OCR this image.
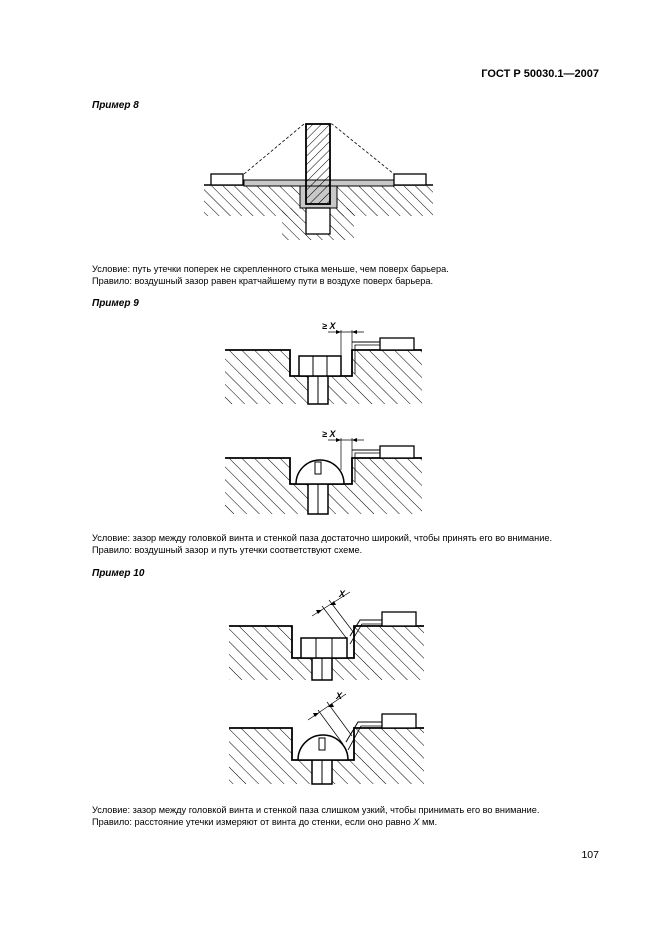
ГОСТ Р 50030.1—2007
Пример 8
Условие: путь утечки поперек не скрепленного стыка меньше, чем поверх барьера.
Правило: воздушный зазор равен кратчайшему пути в воздухе поверх барьера.
Пример 9
≥ X
≥ X
Условие: зазор между головкой винта и стенкой паза достаточно широкий, чтобы принять его во внимание.
Правило: воздушный зазор и путь утечки соответствуют схеме.
Пример 10
X
X
Условие: зазор между головкой винта и стенкой паза слишком узкий, чтобы принимать его во внимание.
Правило: расстояние утечки измеряют от винта до стенки, если оно равно X мм.
107
